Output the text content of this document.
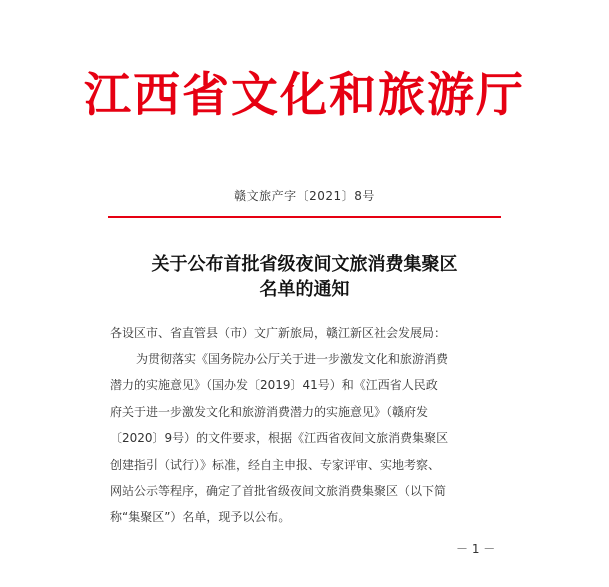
江西省文化和旅游厅
赣文旅产字〔2021〕8号
关于公布首批省级夜间文旅消费集聚区
名单的通知
各设区市、省直管县（市）文广新旅局，赣江新区社会发展局：
为贯彻落实《国务院办公厅关于进一步激发文化和旅游消费
潜力的实施意见》（国办发〔2019〕41号）和《江西省人民政
府关于进一步激发文化和旅游消费潜力的实施意见》（赣府发
〔2020〕9号）的文件要求，根据《江西省夜间文旅消费集聚区
创建指引（试行）》标准，经自主申报、专家评审、实地考察、
网站公示等程序，确定了首批省级夜间文旅消费集聚区（以下简
称“集聚区”）名单，现予以公布。
－ 1 －
